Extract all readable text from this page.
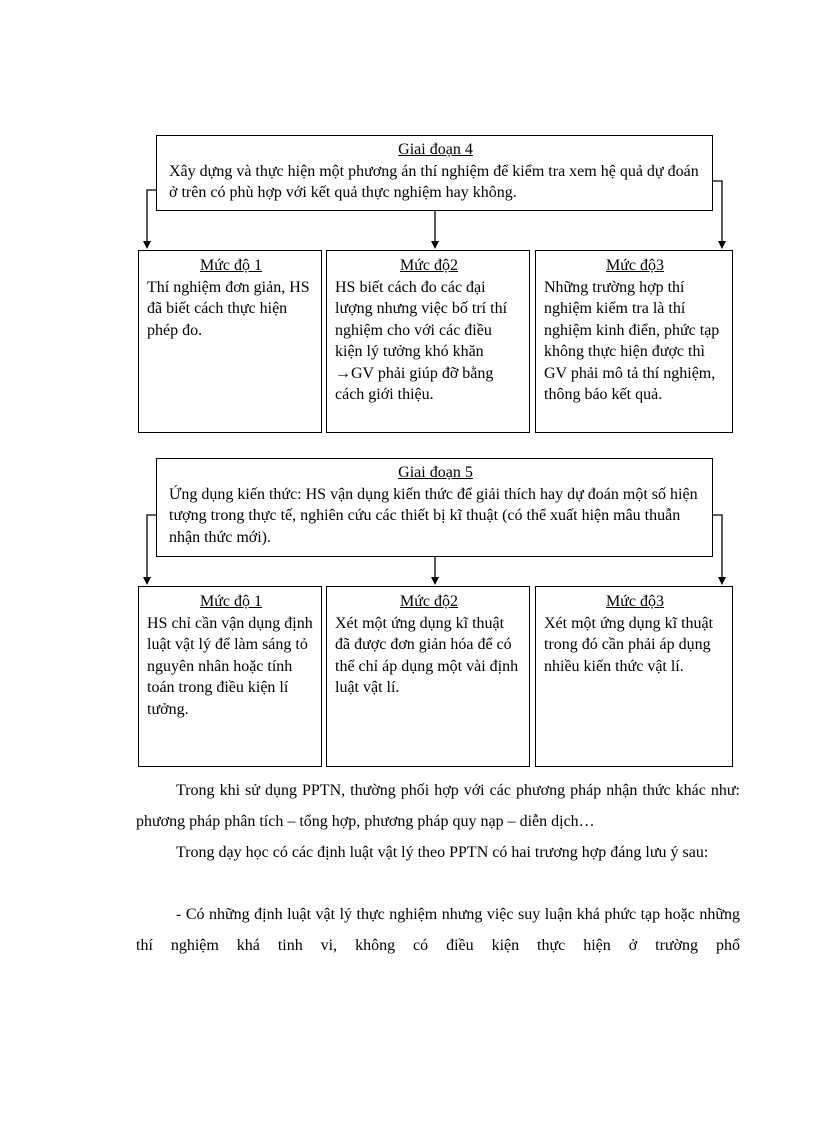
Giai đoạn 4
Xây dựng và thực hiện một phương án thí nghiệm để kiểm tra xem hệ quả dự đoán ở trên có phù hợp với kết quả thực nghiệm hay không.
Mức độ 1
Thí nghiệm đơn giản, HS đã biết cách thực hiện phép đo.
Mức độ2
HS biết cách đo các đại lượng nhưng việc bố trí thí nghiệm cho với các điều kiện lý tưởng khó khăn →GV phải giúp đỡ bằng cách giới thiệu.
Mức độ3
Những trường hợp thí nghiệm kiểm tra là thí nghiệm kinh điển, phức tạp không thực hiện được thì GV phải mô tả thí nghiệm, thông báo kết quả.
Giai đoạn 5
Ứng dụng kiến thức: HS vận dụng kiến thức để giải thích hay dự đoán một số hiện tượng trong thực tế, nghiên cứu các thiết bị kĩ thuật (có thể xuất hiện mâu thuẫn nhận thức mới).
Mức độ 1
HS chỉ cần vận dụng định luật vật lý để làm sáng tỏ nguyên nhân hoặc tính toán trong điều kiện lí tưởng.
Mức độ2
Xét một ứng dụng kĩ thuật đã được đơn giản hóa để có thể chỉ áp dụng một vài định luật vật lí.
Mức độ3
Xét một ứng dụng kĩ thuật trong đó cần phải áp dụng nhiều kiến thức vật lí.

Trong khi sử dụng PPTN, thường phối hợp với các phương pháp nhận thức khác như: phương pháp phân tích – tổng hợp, phương pháp quy nạp – diễn dịch…

Trong dạy học có các định luật vật lý theo PPTN có hai trương hợp đáng lưu ý sau:

- Có những định luật vật lý thực nghiệm nhưng việc suy luận khá phức tạp hoặc những thí nghiệm khá tinh vi, không có điều kiện thực hiện ở trường phổ
